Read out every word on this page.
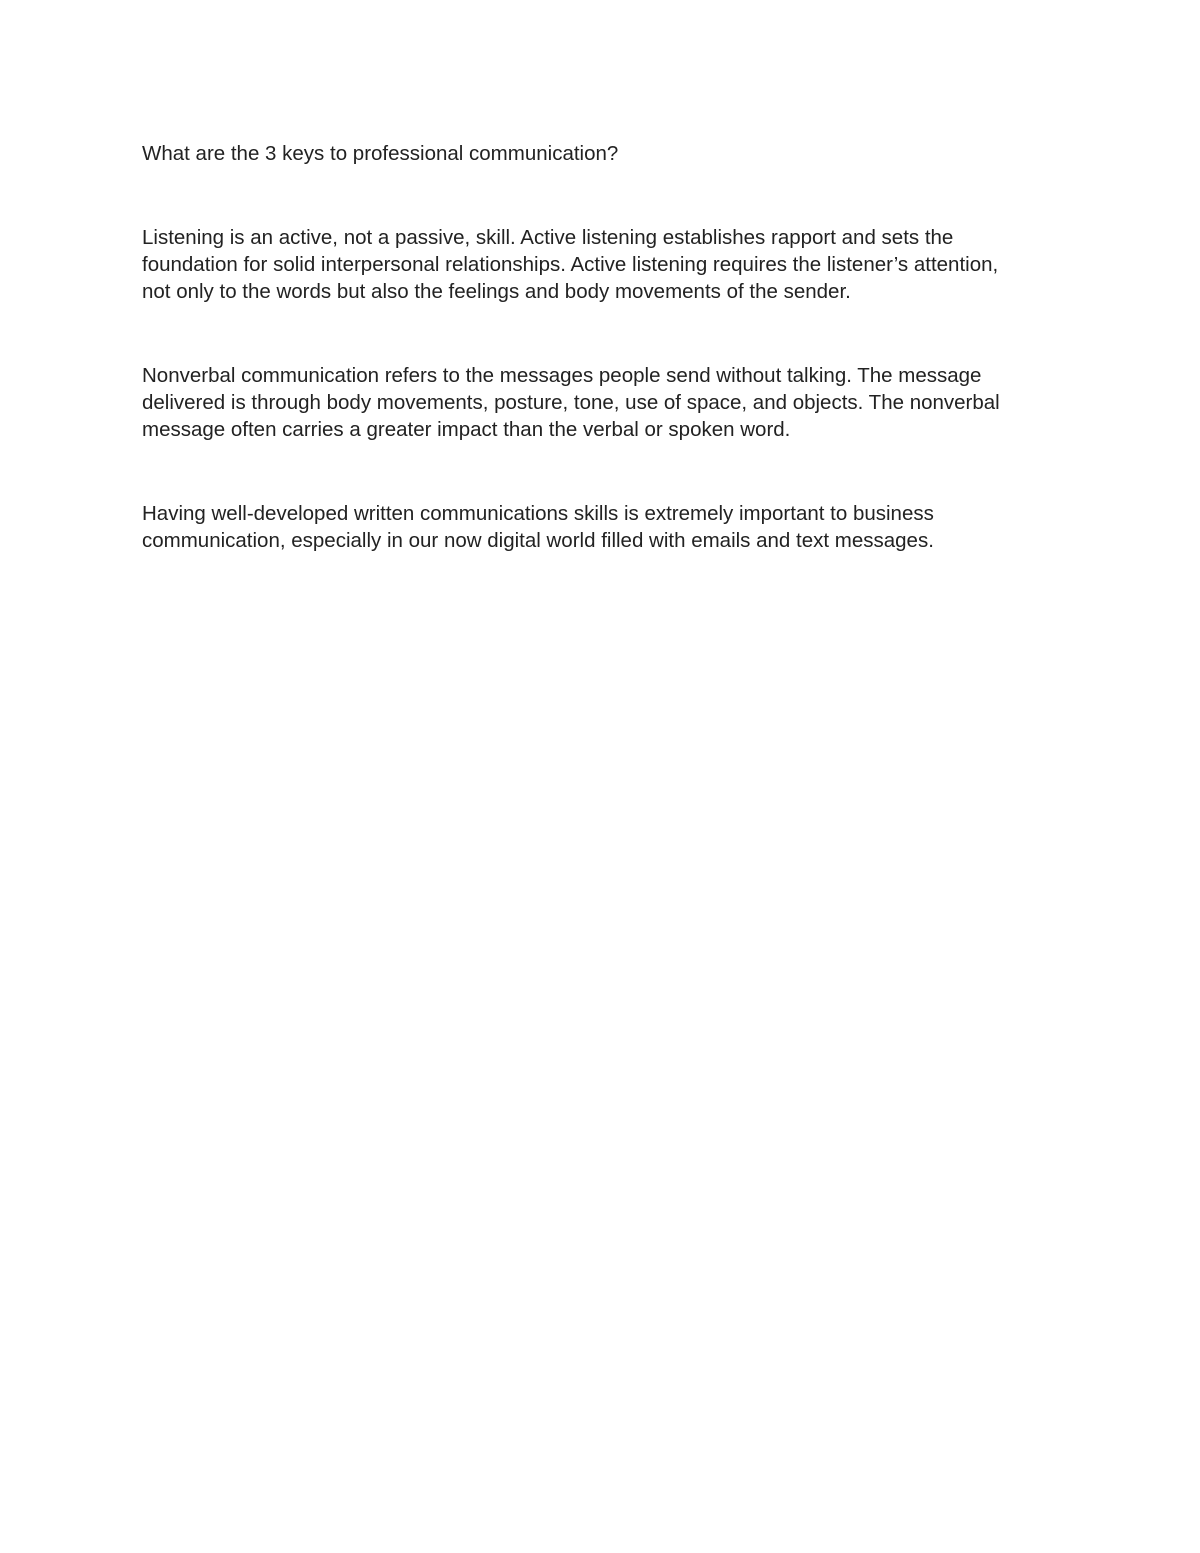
What are the 3 keys to professional communication?

Listening is an active, not a passive, skill. Active listening establishes rapport and sets the
foundation for solid interpersonal relationships. Active listening requires the listener’s attention,
not only to the words but also the feelings and body movements of the sender.

Nonverbal communication refers to the messages people send without talking. The message
delivered is through body movements, posture, tone, use of space, and objects. The nonverbal
message often carries a greater impact than the verbal or spoken word.

Having well-developed written communications skills is extremely important to business
communication, especially in our now digital world filled with emails and text messages.
